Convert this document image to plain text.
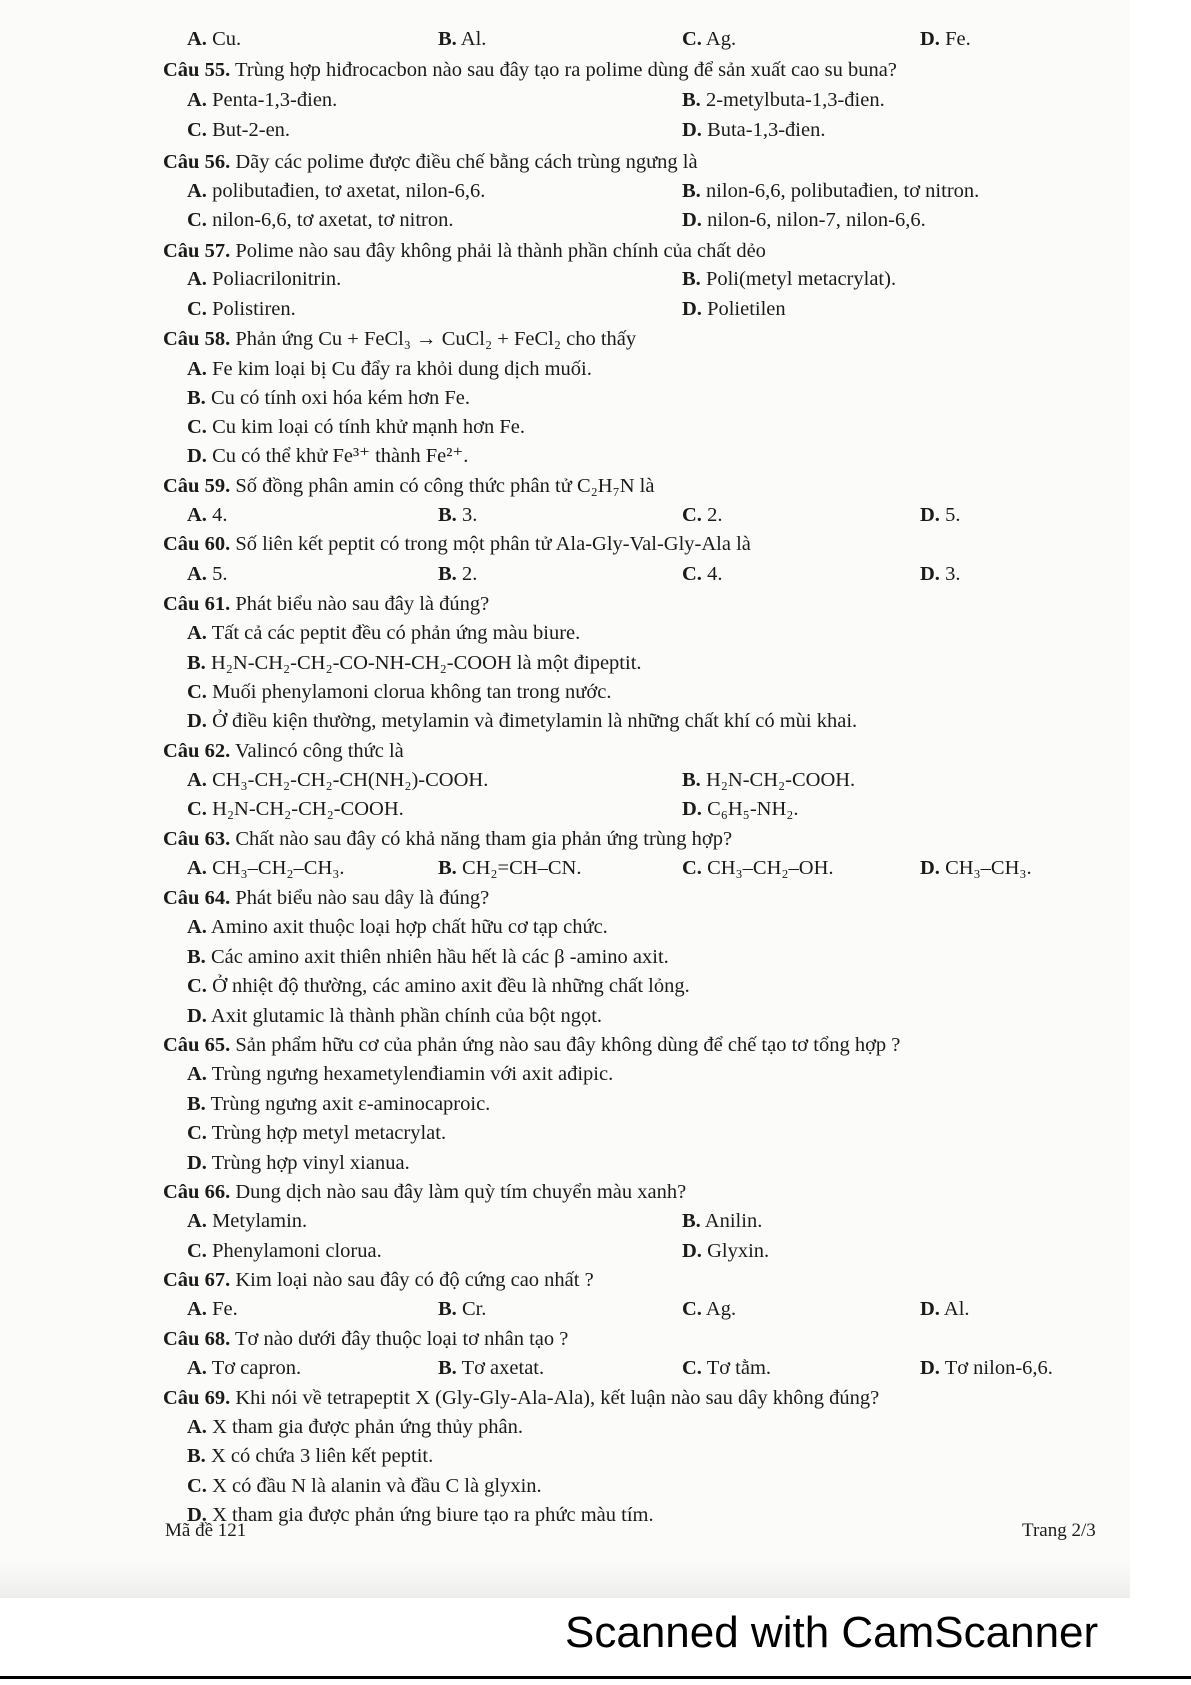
A. Cu.	B. Al.	C. Ag.	D. Fe.
Câu 55. Trùng hợp hiđrocacbon nào sau đây tạo ra polime dùng để sản xuất cao su buna?
A. Penta-1,3-đien.	B. 2-metylbuta-1,3-đien.
C. But-2-en.	D. Buta-1,3-đien.
Câu 56. Dãy các polime được điều chế bằng cách trùng ngưng là
A. polibutađien, tơ axetat, nilon-6,6.	B. nilon-6,6, polibutađien, tơ nitron.
C. nilon-6,6, tơ axetat, tơ nitron.	D. nilon-6, nilon-7, nilon-6,6.
Câu 57. Polime nào sau đây không phải là thành phần chính của chất dẻo
A. Poliacrilonitrin.	B. Poli(metyl metacrylat).
C. Polistiren.	D. Polietilen
Câu 58. Phản ứng Cu + FeCl₃ → CuCl₂ + FeCl₂ cho thấy
A. Fe kim loại bị Cu đẩy ra khỏi dung dịch muối.
B. Cu có tính oxi hóa kém hơn Fe.
C. Cu kim loại có tính khử mạnh hơn Fe.
D. Cu có thể khử Fe³⁺ thành Fe²⁺.
Câu 59. Số đồng phân amin có công thức phân tử C₂H₇N là
A. 4.	B. 3.	C. 2.	D. 5.
Câu 60. Số liên kết peptit có trong một phân tử Ala-Gly-Val-Gly-Ala là
A. 5.	B. 2.	C. 4.	D. 3.
Câu 61. Phát biểu nào sau đây là đúng?
A. Tất cả các peptit đều có phản ứng màu biure.
B. H₂N-CH₂-CH₂-CO-NH-CH₂-COOH là một đipeptit.
C. Muối phenylamoni clorua không tan trong nước.
D. Ở điều kiện thường, metylamin và đimetylamin là những chất khí có mùi khai.
Câu 62. Valincó công thức là
A. CH₃-CH₂-CH₂-CH(NH₂)-COOH.	B. H₂N-CH₂-COOH.
C. H₂N-CH₂-CH₂-COOH.	D. C₆H₅-NH₂.
Câu 63. Chất nào sau đây có khả năng tham gia phản ứng trùng hợp?
A. CH₃–CH₂–CH₃.	B. CH₂=CH–CN.	C. CH₃–CH₂–OH.	D. CH₃–CH₃.
Câu 64. Phát biểu nào sau dây là đúng?
A. Amino axit thuộc loại hợp chất hữu cơ tạp chức.
B. Các amino axit thiên nhiên hầu hết là các β -amino axit.
C. Ở nhiệt độ thường, các amino axit đều là những chất lỏng.
D. Axit glutamic là thành phần chính của bột ngọt.
Câu 65. Sản phẩm hữu cơ của phản ứng nào sau đây không dùng để chế tạo tơ tổng hợp ?
A. Trùng ngưng hexametylenđiamin với axit ađipic.
B. Trùng ngưng axit ε-aminocaproic.
C. Trùng hợp metyl metacrylat.
D. Trùng hợp vinyl xianua.
Câu 66. Dung dịch nào sau đây làm quỳ tím chuyển màu xanh?
A. Metylamin.	B. Anilin.
C. Phenylamoni clorua.	D. Glyxin.
Câu 67. Kim loại nào sau đây có độ cứng cao nhất ?
A. Fe.	B. Cr.	C. Ag.	D. Al.
Câu 68. Tơ nào dưới đây thuộc loại tơ nhân tạo ?
A. Tơ capron.	B. Tơ axetat.	C. Tơ tằm.	D. Tơ nilon-6,6.
Câu 69. Khi nói về tetrapeptit X (Gly-Gly-Ala-Ala), kết luận nào sau dây không đúng?
A. X tham gia được phản ứng thủy phân.
B. X có chứa 3 liên kết peptit.
C. X có đầu N là alanin và đầu C là glyxin.
D. X tham gia được phản ứng biure tạo ra phức màu tím.
Mã đề 121	Trang 2/3
Scanned with CamScanner
